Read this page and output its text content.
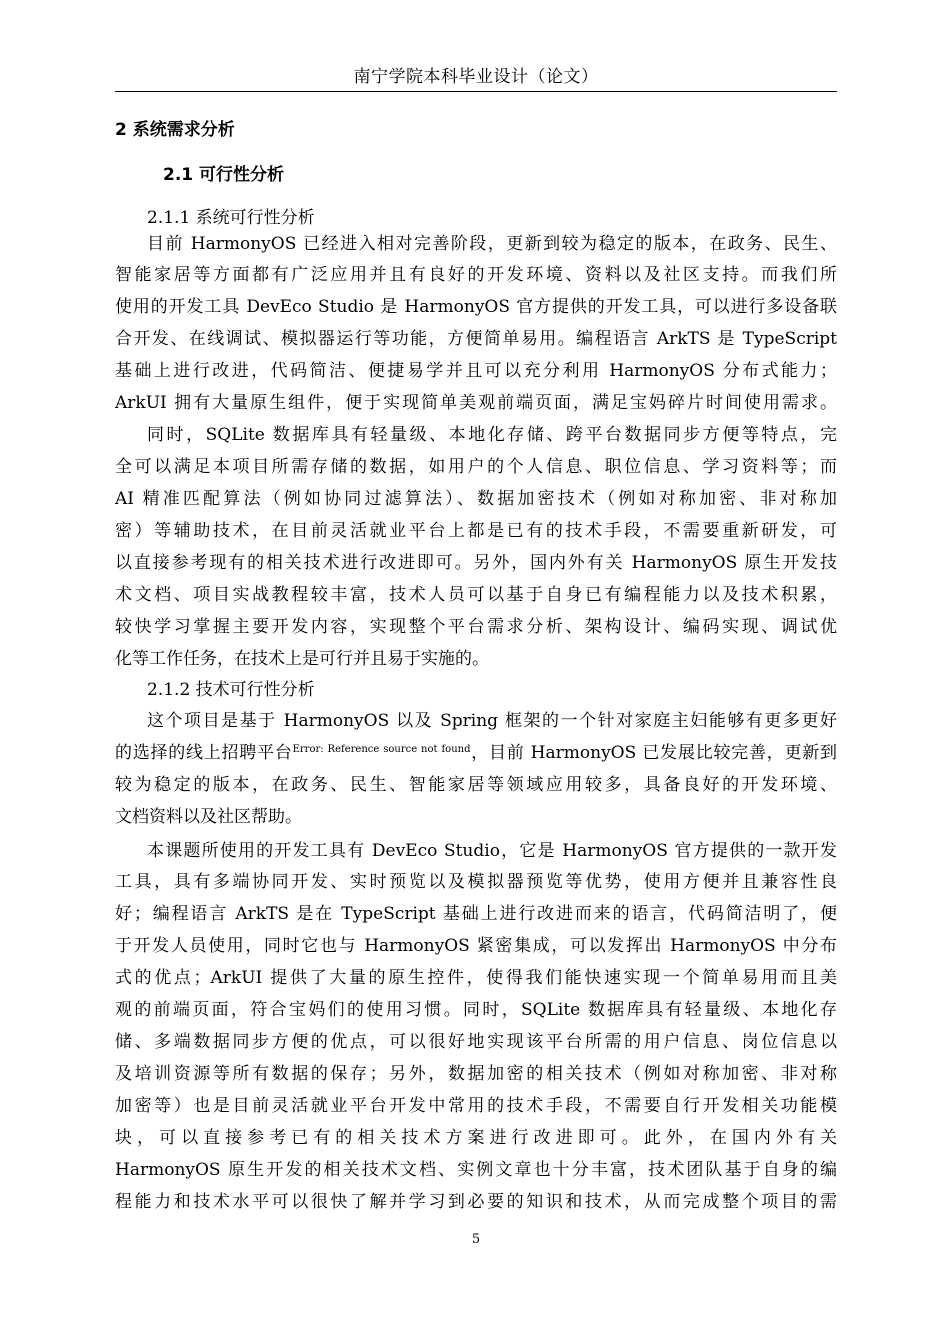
南宁学院本科毕业设计（论文）
2 系统需求分析
2.1 可行性分析
2.1.1 系统可行性分析
目前 HarmonyOS 已经进入相对完善阶段，更新到较为稳定的版本，在政务、民生、
智能家居等方面都有广泛应用并且有良好的开发环境、资料以及社区支持。而我们所
使用的开发工具 DevEco Studio 是 HarmonyOS 官方提供的开发工具，可以进行多设备联
合开发、在线调试、模拟器运行等功能，方便简单易用。编程语言 ArkTS 是 TypeScript
基础上进行改进，代码简洁、便捷易学并且可以充分利用 HarmonyOS 分布式能力；
ArkUI 拥有大量原生组件，便于实现简单美观前端页面，满足宝妈碎片时间使用需求。
同时，SQLite 数据库具有轻量级、本地化存储、跨平台数据同步方便等特点，完
全可以满足本项目所需存储的数据，如用户的个人信息、职位信息、学习资料等；而
AI 精准匹配算法（例如协同过滤算法）、数据加密技术（例如对称加密、非对称加
密）等辅助技术，在目前灵活就业平台上都是已有的技术手段，不需要重新研发，可
以直接参考现有的相关技术进行改进即可。另外，国内外有关 HarmonyOS 原生开发技
术文档、项目实战教程较丰富，技术人员可以基于自身已有编程能力以及技术积累，
较快学习掌握主要开发内容，实现整个平台需求分析、架构设计、编码实现、调试优
化等工作任务，在技术上是可行并且易于实施的。
2.1.2 技术可行性分析
这个项目是基于 HarmonyOS 以及 Spring 框架的一个针对家庭主妇能够有更多更好
的选择的线上招聘平台$^{Error: Reference source not found}$，目前 HarmonyOS 已发展比较完善，更新到
较为稳定的版本，在政务、民生、智能家居等领域应用较多，具备良好的开发环境、
文档资料以及社区帮助。
本课题所使用的开发工具有 DevEco Studio，它是 HarmonyOS 官方提供的一款开发
工具，具有多端协同开发、实时预览以及模拟器预览等优势，使用方便并且兼容性良
好；编程语言 ArkTS 是在 TypeScript 基础上进行改进而来的语言，代码简洁明了，便
于开发人员使用，同时它也与 HarmonyOS 紧密集成，可以发挥出 HarmonyOS 中分布
式的优点；ArkUI 提供了大量的原生控件，使得我们能快速实现一个简单易用而且美
观的前端页面，符合宝妈们的使用习惯。同时，SQLite 数据库具有轻量级、本地化存
储、多端数据同步方便的优点，可以很好地实现该平台所需的用户信息、岗位信息以
及培训资源等所有数据的保存；另外，数据加密的相关技术（例如对称加密、非对称
加密等）也是目前灵活就业平台开发中常用的技术手段，不需要自行开发相关功能模
块，可以直接参考已有的相关技术方案进行改进即可。此外，在国内外有关
HarmonyOS 原生开发的相关技术文档、实例文章也十分丰富，技术团队基于自身的编
程能力和技术水平可以很快了解并学习到必要的知识和技术，从而完成整个项目的需
5
